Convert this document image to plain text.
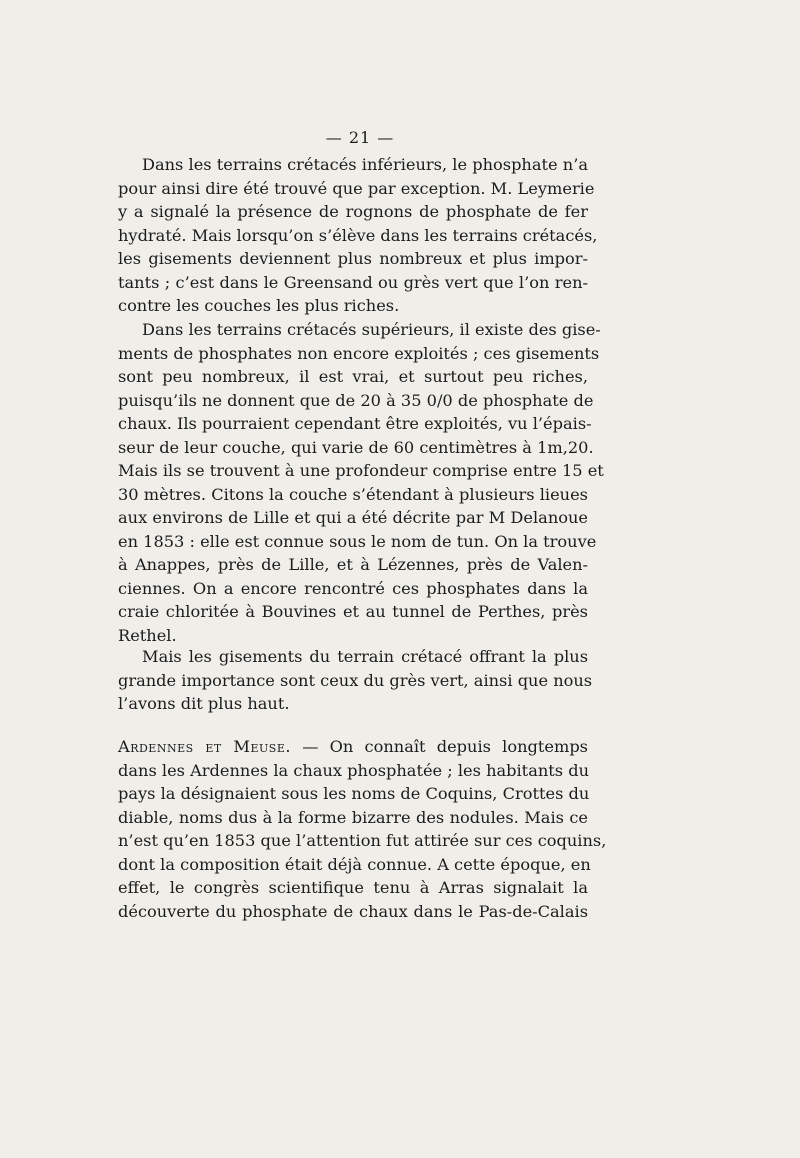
— 21 —
Dans les terrains crétacés inférieurs, le phosphate n’a
pour ainsi dire été trouvé que par exception. M. Leymerie
y a signalé la présence de rognons de phosphate de fer
hydraté. Mais lorsqu’on s’élève dans les terrains crétacés,
les gisements deviennent plus nombreux et plus impor-
tants ; c’est dans le Greensand ou grès vert que l’on ren-
contre les couches les plus riches.
Dans les terrains crétacés supérieurs, il existe des gise-
ments de phosphates non encore exploités ; ces gisements
sont peu nombreux, il est vrai, et surtout peu riches,
puisqu’ils ne donnent que de 20 à 35 0/0 de phosphate de
chaux. Ils pourraient cependant être exploités, vu l’épais-
seur de leur couche, qui varie de 60 centimètres à 1m,20.
Mais ils se trouvent à une profondeur comprise entre 15 et
30 mètres. Citons la couche s’étendant à plusieurs lieues
aux environs de Lille et qui a été décrite par M Delanoue
en 1853 : elle est connue sous le nom de tun. On la trouve
à Anappes, près de Lille, et à Lézennes, près de Valen-
ciennes. On a encore rencontré ces phosphates dans la
craie chloritée à Bouvines et au tunnel de Perthes, près
Rethel.
Mais les gisements du terrain crétacé offrant la plus
grande importance sont ceux du grès vert, ainsi que nous
l’avons dit plus haut.
Ardennes et Meuse. — On connaît depuis longtemps
dans les Ardennes la chaux phosphatée ; les habitants du
pays la désignaient sous les noms de Coquins, Crottes du
diable, noms dus à la forme bizarre des nodules. Mais ce
n’est qu’en 1853 que l’attention fut attirée sur ces coquins,
dont la composition était déjà connue. A cette époque, en
effet, le congrès scientifique tenu à Arras signalait la
découverte du phosphate de chaux dans le Pas-de-Calais
